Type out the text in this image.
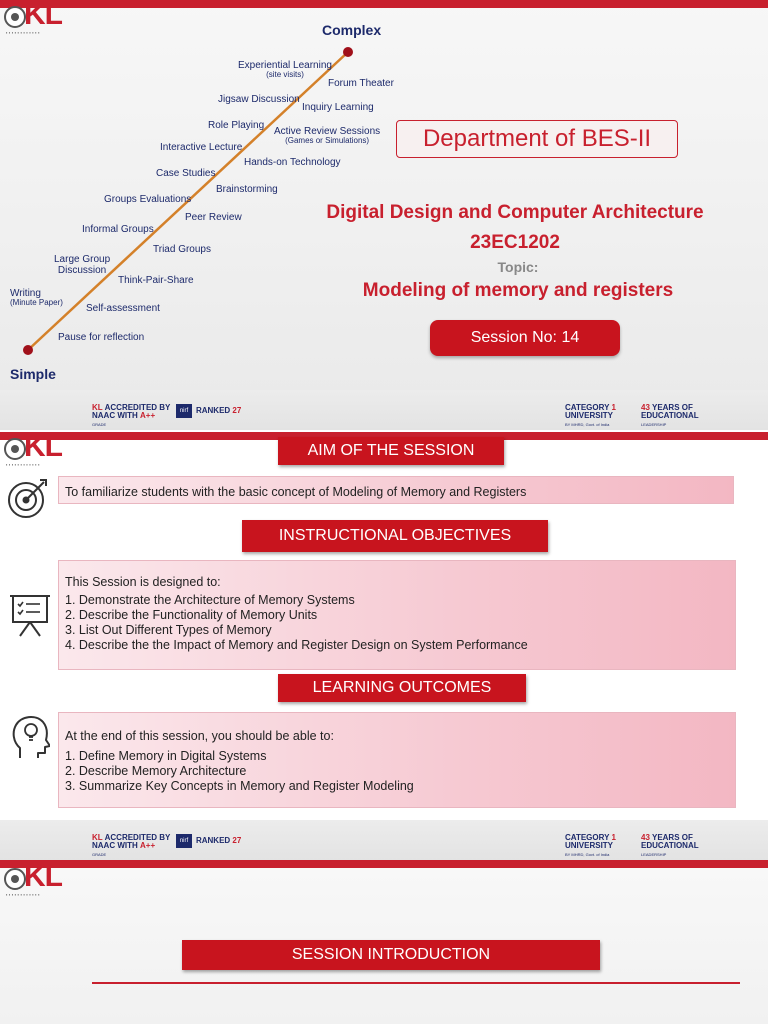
KL
▪▪▪▪▪▪▪▪▪▪▪▪	Complex
Simple
Experiential Learning
(site visits)
Forum Theater
Jigsaw Discussion
Inquiry Learning
Role Playing
Active Review Sessions
(Games or Simulations)
Interactive Lecture
Hands-on Technology
Case Studies
Brainstorming
Groups Evaluations
Peer Review
Informal Groups
Triad Groups
Large Group
Discussion
Think-Pair-Share
Writing
(Minute Paper)
Self-assessment
Pause for reflection
Department of BES-II
Digital Design and Computer Architecture
23EC1202
Topic:
Modeling of memory and registers
Session No: 14
KL ACCREDITED BY
NAAC WITH A++
GRADE
nirf RANKED 27	CATEGORY 1
UNIVERSITY
BY MHRD, Govt. of India
43 YEARS OF
EDUCATIONAL
LEADERSHIP
KL
▪▪▪▪▪▪▪▪▪▪▪▪
AIM OF THE SESSION
To familiarize students with the basic concept of Modeling of Memory and Registers
INSTRUCTIONAL OBJECTIVES
This Session is designed to:
1. Demonstrate the Architecture of Memory Systems
2. Describe the Functionality of Memory Units
3. List Out Different Types of Memory
4. Describe the the Impact of Memory and Register Design on System Performance
LEARNING OUTCOMES
At the end of this session, you should be able to:
1. Define Memory in Digital Systems
2. Describe Memory Architecture
3. Summarize Key Concepts in Memory and Register Modeling
KL ACCREDITED BY
NAAC WITH A++
GRADE
nirf RANKED 27	CATEGORY 1
UNIVERSITY
BY MHRD, Govt. of India
43 YEARS OF
EDUCATIONAL
LEADERSHIP
KL
▪▪▪▪▪▪▪▪▪▪▪▪
SESSION INTRODUCTION
